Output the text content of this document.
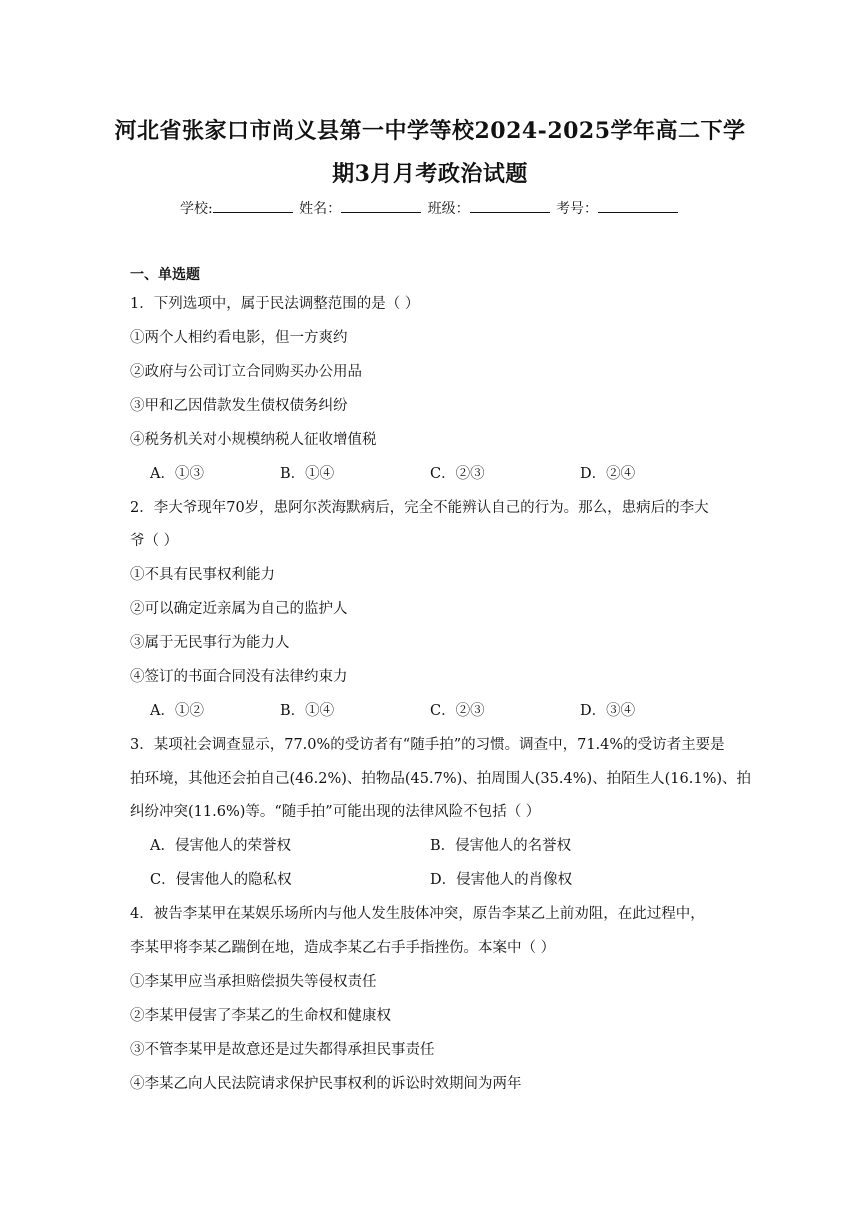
河北省张家口市尚义县第一中学等校2024-2025学年高二下学
期3月月考政治试题
学校:	姓名：	班级：	考号：
一、单选题
1．下列选项中，属于民法调整范围的是（ ）
①两个人相约看电影，但一方爽约
②政府与公司订立合同购买办公用品
③甲和乙因借款发生债权债务纠纷
④税务机关对小规模纳税人征收增值税
A．①③	B．①④	C．②③	D．②④
2．李大爷现年70岁，患阿尔茨海默病后，完全不能辨认自己的行为。那么，患病后的李大
爷（ ）
①不具有民事权利能力
②可以确定近亲属为自己的监护人
③属于无民事行为能力人
④签订的书面合同没有法律约束力
A．①②	B．①④	C．②③	D．③④
3．某项社会调查显示，77.0%的受访者有“随手拍”的习惯。调查中，71.4%的受访者主要是
拍环境，其他还会拍自己(46.2%)、拍物品(45.7%)、拍周围人(35.4%)、拍陌生人(16.1%)、拍
纠纷冲突(11.6%)等。“随手拍”可能出现的法律风险不包括（ ）
A．侵害他人的荣誉权	B．侵害他人的名誉权
C．侵害他人的隐私权	D．侵害他人的肖像权
4．被告李某甲在某娱乐场所内与他人发生肢体冲突，原告李某乙上前劝阻，在此过程中，
李某甲将李某乙踹倒在地，造成李某乙右手手指挫伤。本案中（ ）
①李某甲应当承担赔偿损失等侵权责任
②李某甲侵害了李某乙的生命权和健康权
③不管李某甲是故意还是过失都得承担民事责任
④李某乙向人民法院请求保护民事权利的诉讼时效期间为两年
